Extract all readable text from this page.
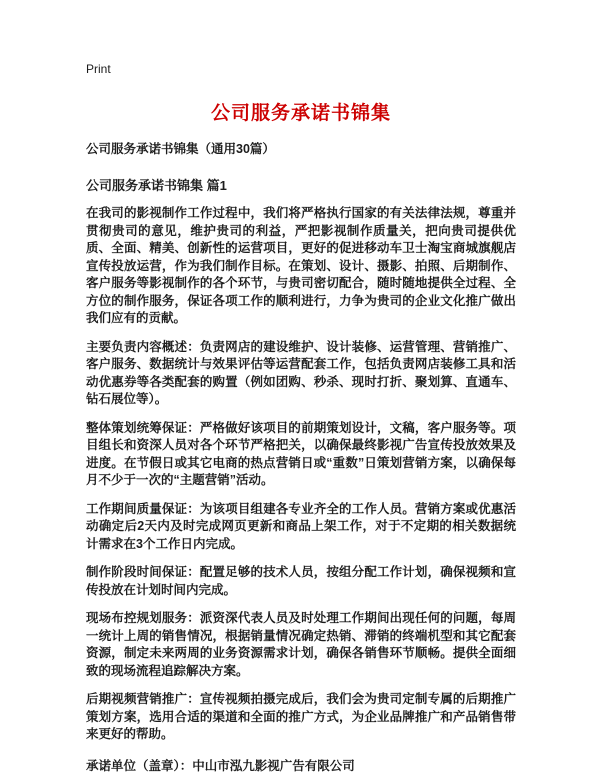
Print
公司服务承诺书锦集
公司服务承诺书锦集（通用30篇）
公司服务承诺书锦集 篇1

在我司的影视制作工作过程中，我们将严格执行国家的有关法律法规，尊重并贯彻贵司的意见，维护贵司的利益，严把影视制作质量关，把向贵司提供优质、全面、精美、创新性的运营项目，更好的促进移动车卫士淘宝商城旗舰店宣传投放运营，作为我们制作目标。在策划、设计、摄影、拍照、后期制作、客户服务等影视制作的各个环节，与贵司密切配合，随时随地提供全过程、全方位的制作服务，保证各项工作的顺利进行，力争为贵司的企业文化推广做出我们应有的贡献。

主要负责内容概述：负责网店的建设维护、设计装修、运营管理、营销推广、客户服务、数据统计与效果评估等运营配套工作，包括负责网店装修工具和活动优惠券等各类配套的购置（例如团购、秒杀、现时打折、聚划算、直通车、钻石展位等）。

整体策划统筹保证：严格做好该项目的前期策划设计，文稿，客户服务等。项目组长和资深人员对各个环节严格把关，以确保最终影视广告宣传投放效果及进度。在节假日或其它电商的热点营销日或“重数”日策划营销方案，以确保每月不少于一次的“主题营销”活动。

工作期间质量保证：为该项目组建各专业齐全的工作人员。营销方案或优惠活动确定后2天内及时完成网页更新和商品上架工作，对于不定期的相关数据统计需求在3个工作日内完成。

制作阶段时间保证：配置足够的技术人员，按组分配工作计划，确保视频和宣传投放在计划时间内完成。

现场布控规划服务：派资深代表人员及时处理工作期间出现任何的问题，每周一统计上周的销售情况，根据销量情况确定热销、滞销的终端机型和其它配套资源，制定未来两周的业务资源需求计划，确保各销售环节顺畅。提供全面细致的现场流程追踪解决方案。

后期视频营销推广：宣传视频拍摄完成后，我们会为贵司定制专属的后期推广策划方案，选用合适的渠道和全面的推广方式，为企业品牌推广和产品销售带来更好的帮助。

承诺单位（盖章）：中山市泓九影视广告有限公司
